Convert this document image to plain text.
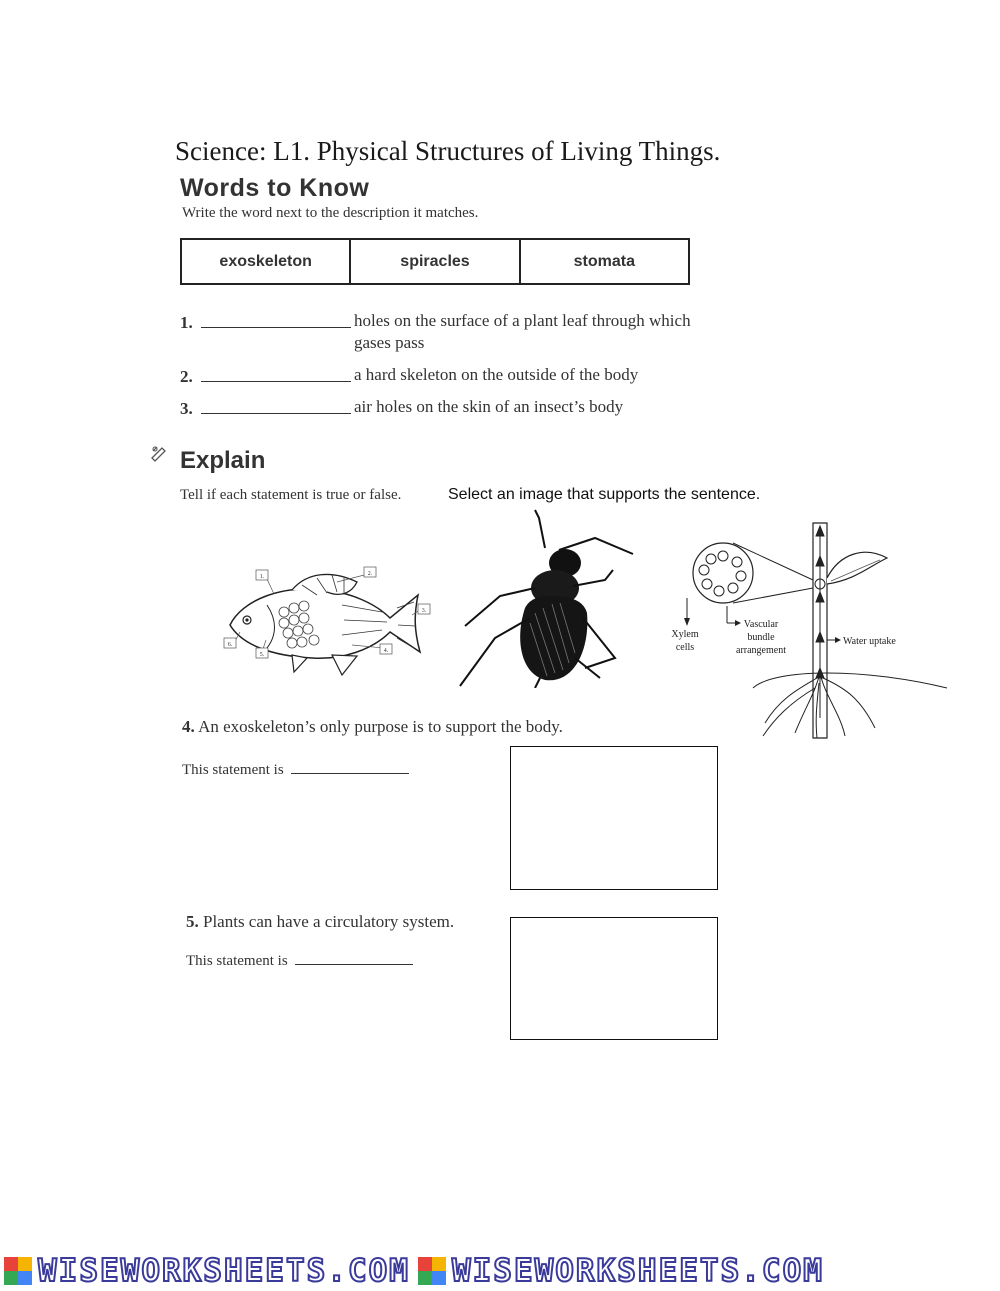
Science: L1. Physical Structures of Living Things.
Words to Know
Write the word next to the description it matches.
exoskeleton	spiracles	stomata
1.	holes on the surface of a plant leaf through which
gases pass
2.	a hard skeleton on the outside of the body
3.	air holes on the skin of an insect’s body
Explain
Tell if each statement is true or false.	Select an image that supports the sentence.
1.	2.
3.
4.
5.
6.
Xylem
cells
Vascular
bundle
arrangement
Water uptake
4. An exoskeleton’s only purpose is to support the body.
This statement is
5. Plants can have a circulatory system.
This statement is
WISEWORKSHEETS.COM WISEWORKSHEETS.COM
